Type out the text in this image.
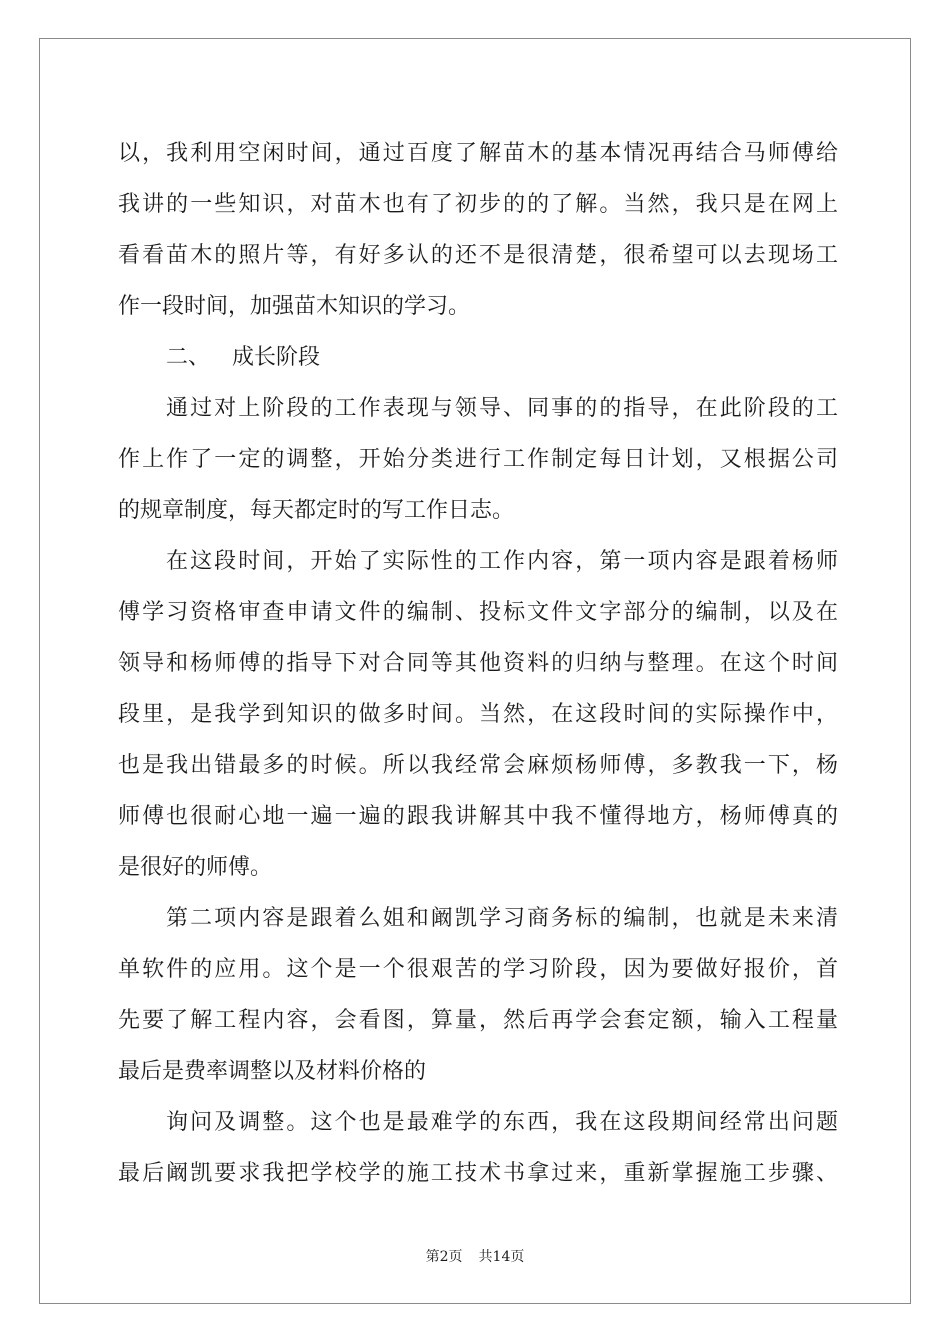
以，我利用空闲时间，通过百度了解苗木的基本情况再结合马师傅给
我讲的一些知识，对苗木也有了初步的的了解。当然，我只是在网上
看看苗木的照片等，有好多认的还不是很清楚，很希望可以去现场工
作一段时间，加强苗木知识的学习。
二、 成长阶段
通过对上阶段的工作表现与领导、同事的的指导，在此阶段的工
作上作了一定的调整，开始分类进行工作制定每日计划，又根据公司
的规章制度，每天都定时的写工作日志。
在这段时间，开始了实际性的工作内容，第一项内容是跟着杨师
傅学习资格审查申请文件的编制、投标文件文字部分的编制，以及在
领导和杨师傅的指导下对合同等其他资料的归纳与整理。在这个时间
段里，是我学到知识的做多时间。当然，在这段时间的实际操作中，
也是我出错最多的时候。所以我经常会麻烦杨师傅，多教我一下，杨
师傅也很耐心地一遍一遍的跟我讲解其中我不懂得地方，杨师傅真的
是很好的师傅。
第二项内容是跟着么姐和阚凯学习商务标的编制，也就是未来清
单软件的应用。这个是一个很艰苦的学习阶段，因为要做好报价，首
先要了解工程内容，会看图，算量，然后再学会套定额，输入工程量
最后是费率调整以及材料价格的
询问及调整。这个也是最难学的东西，我在这段期间经常出问题
最后阚凯要求我把学校学的施工技术书拿过来，重新掌握施工步骤、
第2页 共14页
